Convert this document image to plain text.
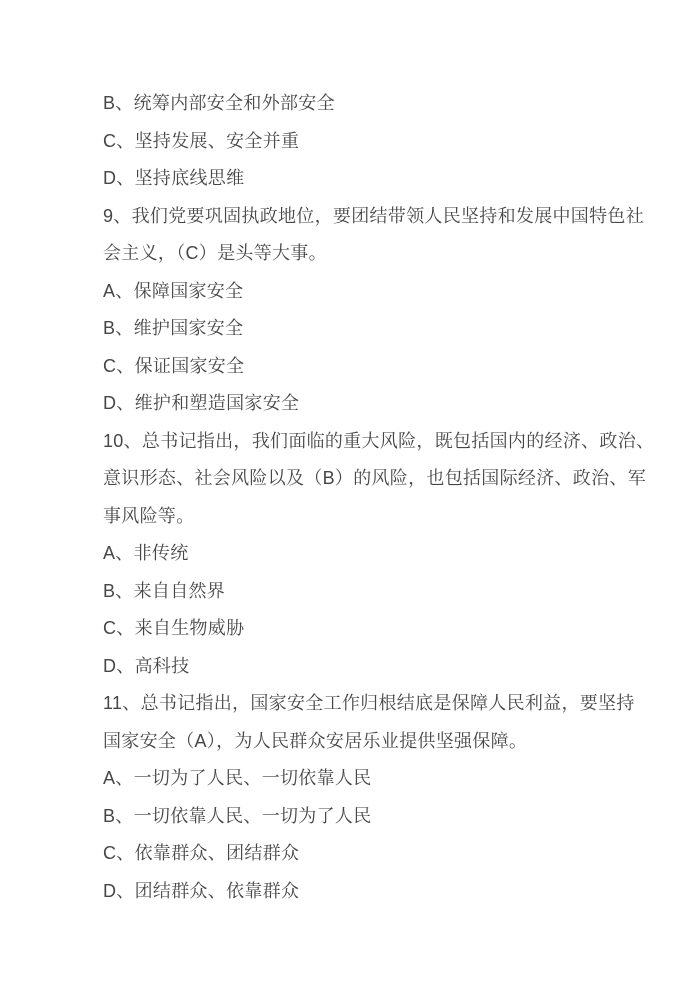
B、统筹内部安全和外部安全
C、坚持发展、安全并重
D、坚持底线思维
9、我们党要巩固执政地位，要团结带领人民坚持和发展中国特色社
会主义，（C）是头等大事。
A、保障国家安全
B、维护国家安全
C、保证国家安全
D、维护和塑造国家安全
10、总书记指出，我们面临的重大风险，既包括国内的经济、政治、
意识形态、社会风险以及（B）的风险，也包括国际经济、政治、军
事风险等。
A、非传统
B、来自自然界
C、来自生物威胁
D、高科技
11、总书记指出，国家安全工作归根结底是保障人民利益，要坚持
国家安全（A），为人民群众安居乐业提供坚强保障。
A、一切为了人民、一切依靠人民
B、一切依靠人民、一切为了人民
C、依靠群众、团结群众
D、团结群众、依靠群众
